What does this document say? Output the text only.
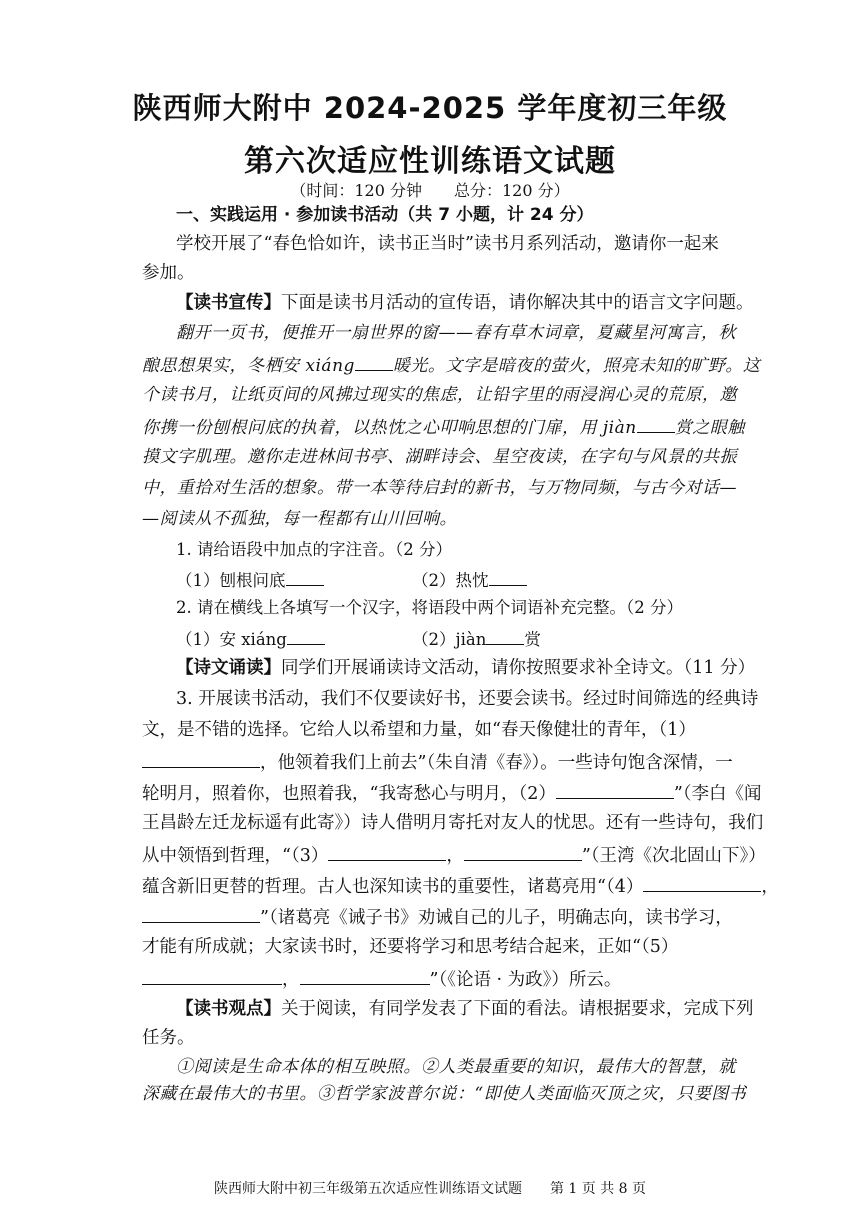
陕西师大附中 2024-2025 学年度初三年级
第六次适应性训练语文试题
（时间：120 分钟　　总分：120 分）
一、实践运用 · 参加读书活动（共 7 小题，计 24 分）
学校开展了“春色恰如许，读书正当时”读书月系列活动，邀请你一起来
参加。
【读书宣传】下面是读书月活动的宣传语，请你解决其中的语言文字问题。
翻开一页书，便推开一扇世界的窗——春有草木词章，夏藏星河寓言，秋
酿思想果实，冬栖安 xiáng 暖光。文字是暗夜的萤火，照亮未知的旷野。这
个读书月，让纸页间的风拂过现实的焦虑，让铅字里的雨浸润心灵的荒原，邀
你携一份刨根问底的执着，以热忱之心叩响思想的门扉，用 jiàn 赏之眼触
摸文字肌理。邀你走进林间书亭、湖畔诗会、星空夜读，在字句与风景的共振
中，重拾对生活的想象。带一本等待启封的新书，与万物同频，与古今对话—
—阅读从不孤独，每一程都有山川回响。
1. 请给语段中加点的字注音。（2 分）
（1）刨根问底	（2）热忱
2. 请在横线上各填写一个汉字，将语段中两个词语补充完整。（2 分）
（1）安 xiáng	（2）jiàn 赏
【诗文诵读】同学们开展诵读诗文活动，请你按照要求补全诗文。（11 分）
3. 开展读书活动，我们不仅要读好书，还要会读书。经过时间筛选的经典诗
文，是不错的选择。它给人以希望和力量，如“春天像健壮的青年，（1）
，他领着我们上前去”（朱自清《春》）。一些诗句饱含深情，一
轮明月，照着你，也照着我，“我寄愁心与明月，（2）	”（李白《闻
王昌龄左迁龙标遥有此寄》）诗人借明月寄托对友人的忧思。还有一些诗句，我们
从中领悟到哲理，“（3）	，	”（王湾《次北固山下》）
蕴含新旧更替的哲理。古人也深知读书的重要性，诸葛亮用“（4）	，
”（诸葛亮《诫子书》劝诫自己的儿子，明确志向，读书学习，
才能有所成就；大家读书时，还要将学习和思考结合起来，正如“（5）
，	”（《论语 · 为政》）所云。
【读书观点】关于阅读，有同学发表了下面的看法。请根据要求，完成下列
任务。
①阅读是生命本体的相互映照。②人类最重要的知识，最伟大的智慧，就
深藏在最伟大的书里。③哲学家波普尔说：“即使人类面临灭顶之灾，只要图书
陕西师大附中初三年级第五次适应性训练语文试题　　第 1 页 共 8 页
